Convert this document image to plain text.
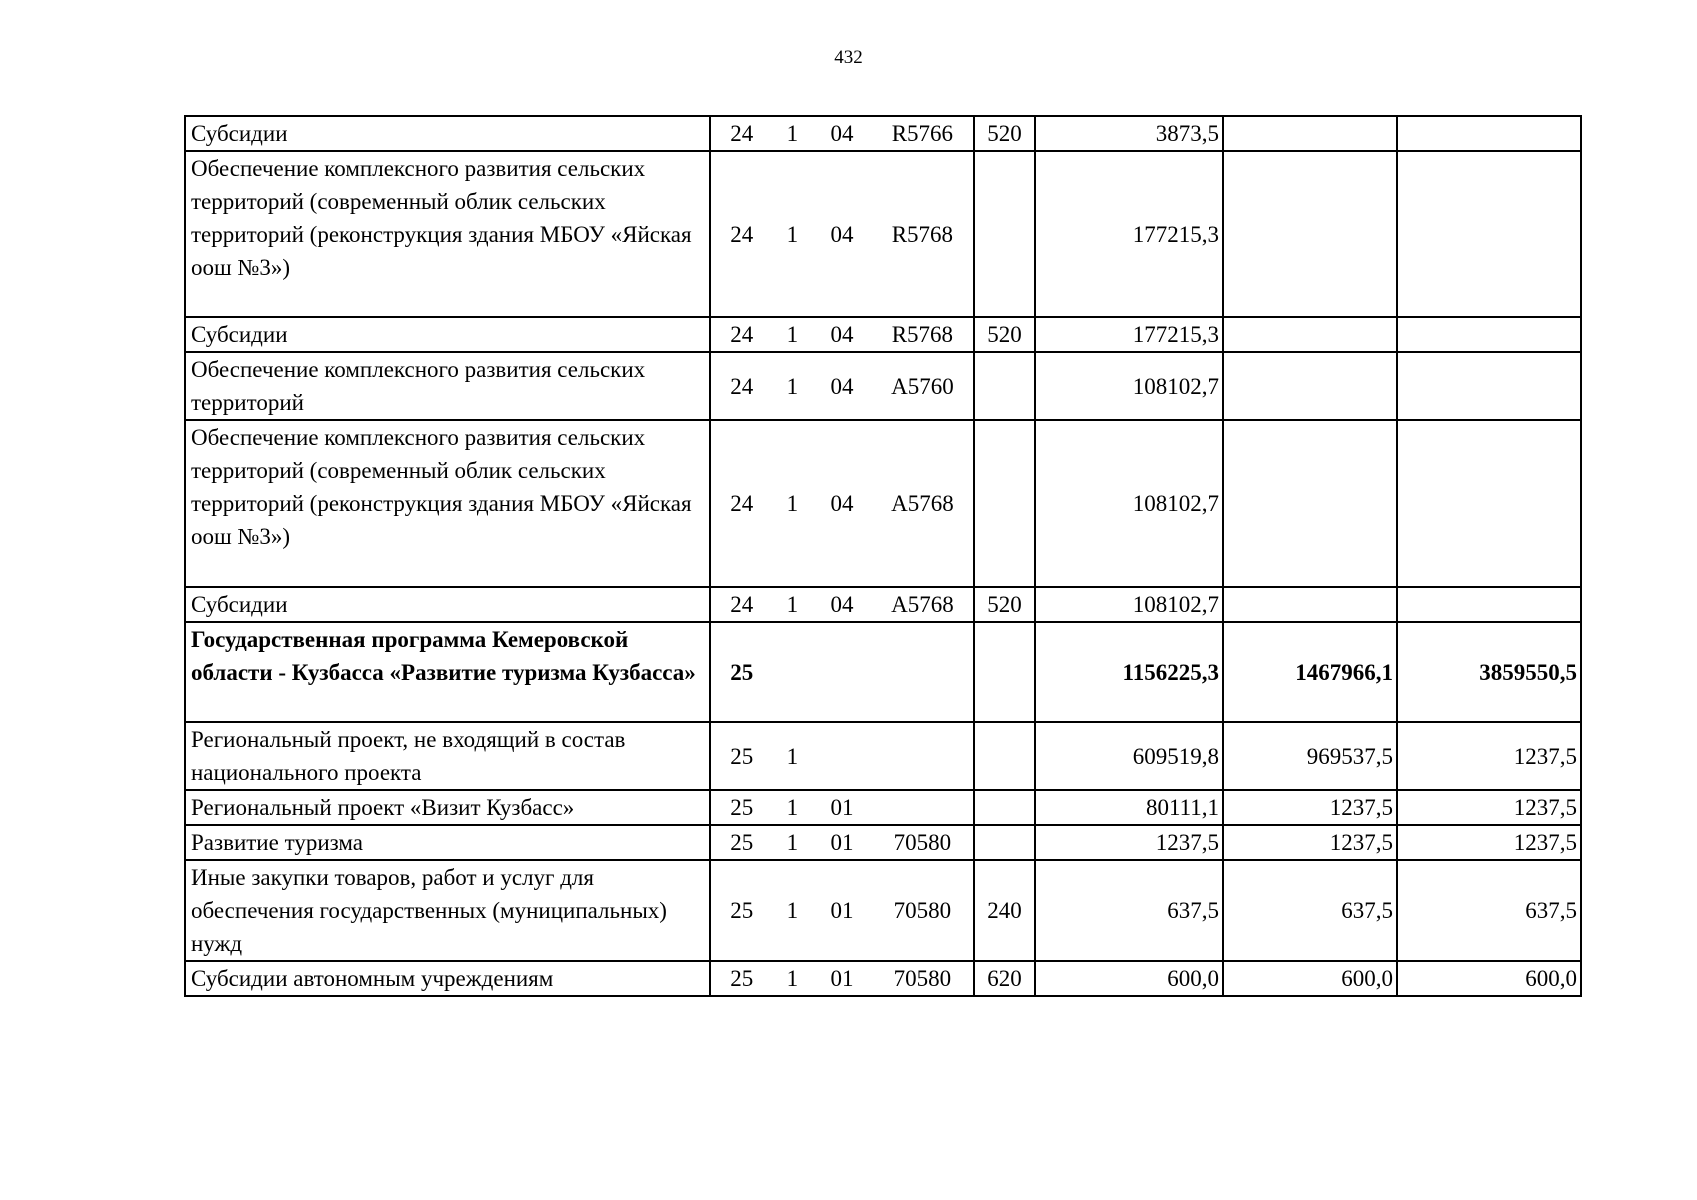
432
Субсидии	24 1 04 R5766	520	3873,5		
Обеспечение комплексного развития сельских территорий (современный облик сельских территорий (реконструкция здания МБОУ «Яйская оош №3»)	24 1 04 R5768		177215,3		
Субсидии	24 1 04 R5768	520	177215,3		
Обеспечение комплексного развития сельских территорий	24 1 04 A5760		108102,7		
Обеспечение комплексного развития сельских территорий (современный облик сельских территорий (реконструкция здания МБОУ «Яйская оош №3»)	24 1 04 A5768		108102,7		
Субсидии	24 1 04 A5768	520	108102,7		
Государственная программа Кемеровской области - Кузбасса «Развитие туризма Кузбасса»	25		1156225,3	1467966,1	3859550,5
Региональный проект, не входящий в состав национального проекта	25 1		609519,8	969537,5	1237,5
Региональный проект «Визит Кузбасс»	25 1 01		80111,1	1237,5	1237,5
Развитие туризма	25 1 01 70580		1237,5	1237,5	1237,5
Иные закупки товаров, работ и услуг для обеспечения государственных (муниципальных) нужд	25 1 01 70580	240	637,5	637,5	637,5
Субсидии автономным учреждениям	25 1 01 70580	620	600,0	600,0	600,0
